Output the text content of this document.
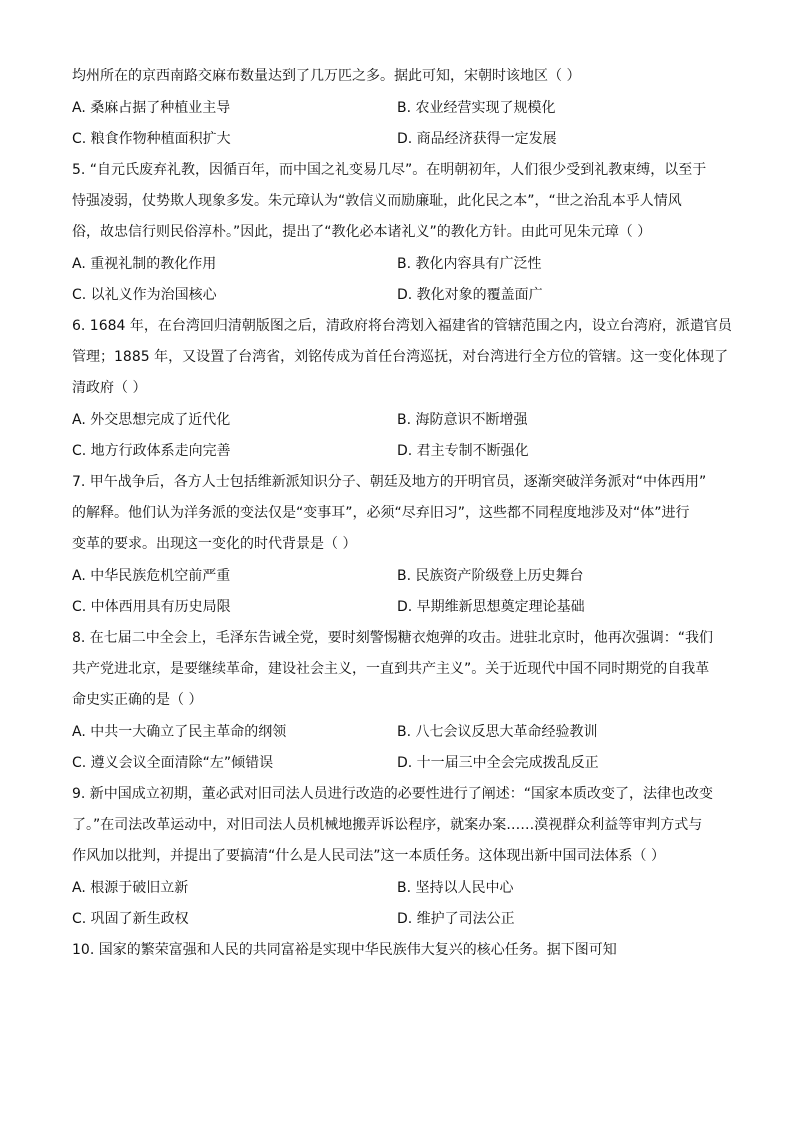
均州所在的京西南路交麻布数量达到了几万匹之多。据此可知，宋朝时该地区（ ）
A. 桑麻占据了种植业主导	B. 农业经营实现了规模化
C. 粮食作物种植面积扩大	D. 商品经济获得一定发展
5. “自元氏废弃礼教，因循百年，而中国之礼变易几尽”。在明朝初年，人们很少受到礼教束缚，以至于
恃强凌弱，仗势欺人现象多发。朱元璋认为“敦信义而励廉耻，此化民之本”，“世之治乱本乎人情风
俗，故忠信行则民俗淳朴。”因此，提出了“教化必本诸礼义”的教化方针。由此可见朱元璋（ ）
A. 重视礼制的教化作用	B. 教化内容具有广泛性
C. 以礼义作为治国核心	D. 教化对象的覆盖面广
6. 1684 年，在台湾回归清朝版图之后，清政府将台湾划入福建省的管辖范围之内，设立台湾府，派遣官员
管理；1885 年，又设置了台湾省，刘铭传成为首任台湾巡抚，对台湾进行全方位的管辖。这一变化体现了
清政府（ ）
A. 外交思想完成了近代化	B. 海防意识不断增强
C. 地方行政体系走向完善	D. 君主专制不断强化
7. 甲午战争后，各方人士包括维新派知识分子、朝廷及地方的开明官员，逐渐突破洋务派对“中体西用”
的解释。他们认为洋务派的变法仅是“变事耳”，必须“尽弃旧习”，这些都不同程度地涉及对“体”进行
变革的要求。出现这一变化的时代背景是（ ）
A. 中华民族危机空前严重	B. 民族资产阶级登上历史舞台
C. 中体西用具有历史局限	D. 早期维新思想奠定理论基础
8. 在七届二中全会上，毛泽东告诫全党，要时刻警惕糖衣炮弹的攻击。进驻北京时，他再次强调：“我们
共产党进北京，是要继续革命，建设社会主义，一直到共产主义”。关于近现代中国不同时期党的自我革
命史实正确的是（ ）
A. 中共一大确立了民主革命的纲领	B. 八七会议反思大革命经验教训
C. 遵义会议全面清除“左”倾错误	D. 十一届三中全会完成拨乱反正
9. 新中国成立初期，董必武对旧司法人员进行改造的必要性进行了阐述：“国家本质改变了，法律也改变
了。”在司法改革运动中，对旧司法人员机械地搬弄诉讼程序，就案办案……漠视群众利益等审判方式与
作风加以批判，并提出了要搞清“什么是人民司法”这一本质任务。这体现出新中国司法体系（ ）
A. 根源于破旧立新	B. 坚持以人民中心
C. 巩固了新生政权	D. 维护了司法公正
10. 国家的繁荣富强和人民的共同富裕是实现中华民族伟大复兴的核心任务。据下图可知
